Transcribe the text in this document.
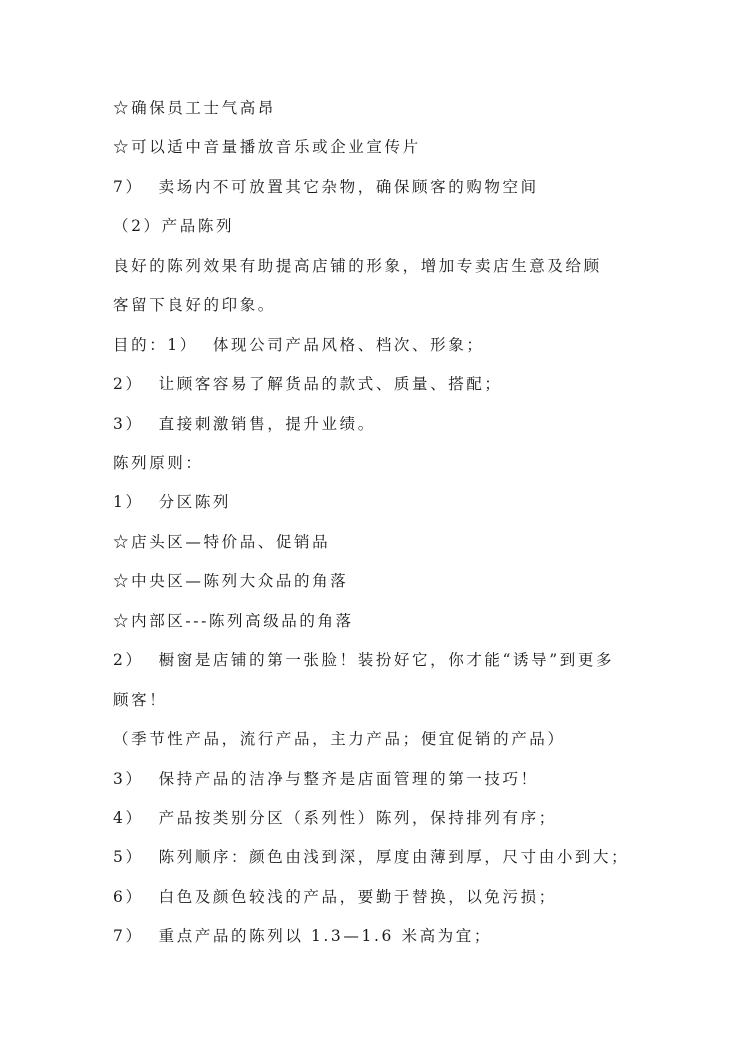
☆确保员工士气高昂
☆可以适中音量播放音乐或企业宣传片
7）  卖场内不可放置其它杂物，确保顾客的购物空间
（2）产品陈列
良好的陈列效果有助提高店铺的形象，增加专卖店生意及给顾
客留下良好的印象。
目的：1）  体现公司产品风格、档次、形象；
2）  让顾客容易了解货品的款式、质量、搭配；
3）  直接刺激销售，提升业绩。
陈列原则：
1）  分区陈列
☆店头区—特价品、促销品
☆中央区—陈列大众品的角落
☆内部区---陈列高级品的角落
2）  橱窗是店铺的第一张脸！装扮好它，你才能“诱导”到更多
顾客！
（季节性产品，流行产品，主力产品；便宜促销的产品）
3）  保持产品的洁净与整齐是店面管理的第一技巧！
4）  产品按类别分区（系列性）陈列，保持排列有序；
5）  陈列顺序：颜色由浅到深，厚度由薄到厚，尺寸由小到大；
6）  白色及颜色较浅的产品，要勤于替换，以免污损；
7）  重点产品的陈列以 1.3—1.6 米高为宜；
